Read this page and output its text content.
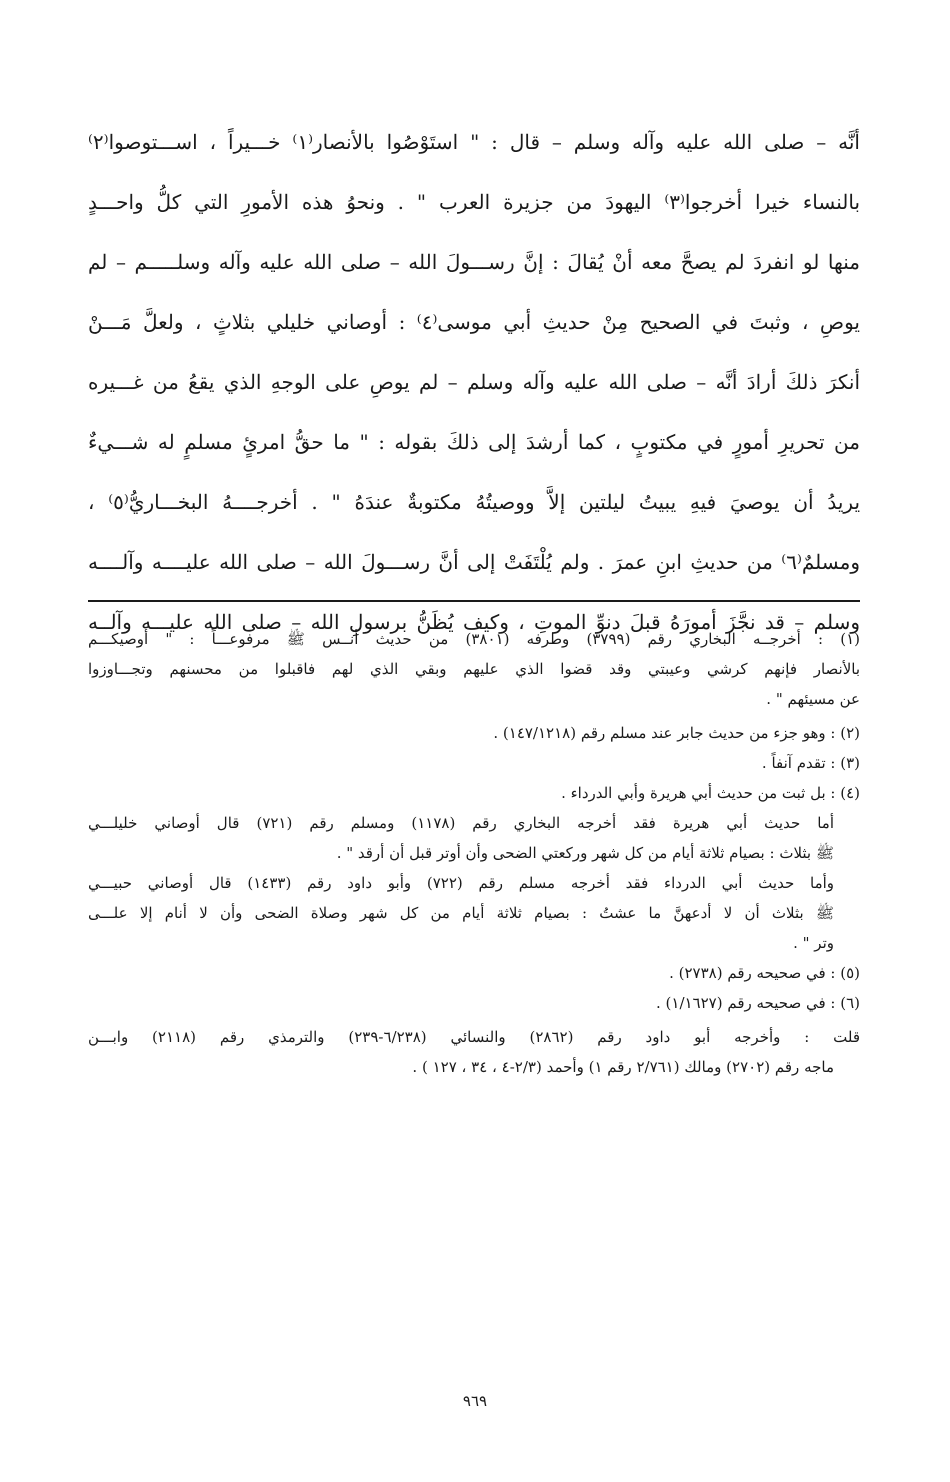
أنَّه – صلى الله عليه وآله وسلم – قال : " استَوْصُوا بالأنصار⁽١⁾ خـــيراً ، اســـتوصوا⁽٢⁾
بالنساء خيرا أخرجوا⁽٣⁾ اليهودَ من جزيرة العرب " . ونحوُ هذه الأمورِ التي كلُّ واحـــدٍ
منها لو انفردَ لم يصحَّ معه أنْ يُقالَ : إنَّ رســـولَ الله – صلى الله عليه وآله وسلـــــم – لم
يوصِ ، وثبتَ في الصحيح مِنْ حديثِ أبي موسى⁽٤⁾ : أوصاني خليلي بثلاثٍ ، ولعلَّ مَـــنْ
أنكرَ ذلكَ أرادَ أنَّه – صلى الله عليه وآله وسلم – لم يوصِ على الوجهِ الذي يقعُ من غـــيره
من تحريرِ أمورٍ في مكتوبٍ ، كما أرشدَ إلى ذلكَ بقوله : " ما حقُّ امرئٍ مسلمٍ له شـــيءٌ
يريدُ أن يوصيَ فيهِ يبيتُ ليلتين إلاَّ ووصيتُهُ مكتوبةٌ عندَهُ " . أخرجــــهُ البخـــاريُّ⁽٥⁾ ،
ومسلمٌ⁽٦⁾ من حديثِ ابنِ عمرَ . ولم يُلْتَفَتْ إلى أنَّ رســـولَ الله – صلى الله عليــــه وآلــــه
وسلم – قد نجَّزَ أمورَهُ قبلَ دنوِّ الموتِ ، وكيف يُظَنُّ برسولِ الله – صلى الله عليـــه وآلــه
(١) : أخرجــه البخاري رقم (٣٧٩٩) وطرفه (٣٨٠١) من حديث أنــس ﷺ مرفوعـــاً : " أوصيكـــم
بالأنصار فإنهم كرشي وعيبتي وقد قضوا الذي عليهم وبقي الذي لهم فاقبلوا من محسنهم وتجـــاوزوا
عن مسيئهم " .
(٢) : وهو جزء من حديث جابر عند مسلم رقم (١٤٧/١٢١٨) .
(٣) : تقدم آنفاً .
(٤) : بل ثبت من حديث أبي هريرة وأبي الدرداء .
أما حديث أبي هريرة فقد أخرجه البخاري رقم (١١٧٨) ومسلم رقم (٧٢١) قال أوصاني خليلـــي
ﷺ بثلاث : بصيام ثلاثة أيام من كل شهر وركعتي الضحى وأن أوتر قبل أن أرقد " .
وأما حديث أبي الدرداء فقد أخرجه مسلم رقم (٧٢٢) وأبو داود رقم (١٤٣٣) قال أوصاني حبيـــي
ﷺ بثلاث أن لا أدعهنَّ ما عشتُ : بصيام ثلاثة أيام من كل شهر وصلاة الضحى وأن لا أنام إلا علـــى
وتر " .
(٥) : في صحيحه رقم (٢٧٣٨) .
(٦) : في صحيحه رقم (١/١٦٢٧) .
قلت : وأخرجه أبو داود رقم (٢٨٦٢) والنسائي (٦/٢٣٨-٢٣٩) والترمذي رقم (٢١١٨) وابـــن
ماجه رقم (٢٧٠٢) ومالك (٢/٧٦١ رقم ١) وأحمد (٢/٣-٤ ، ٣٤ ، ١٢٧ ) .
٩٦٩
